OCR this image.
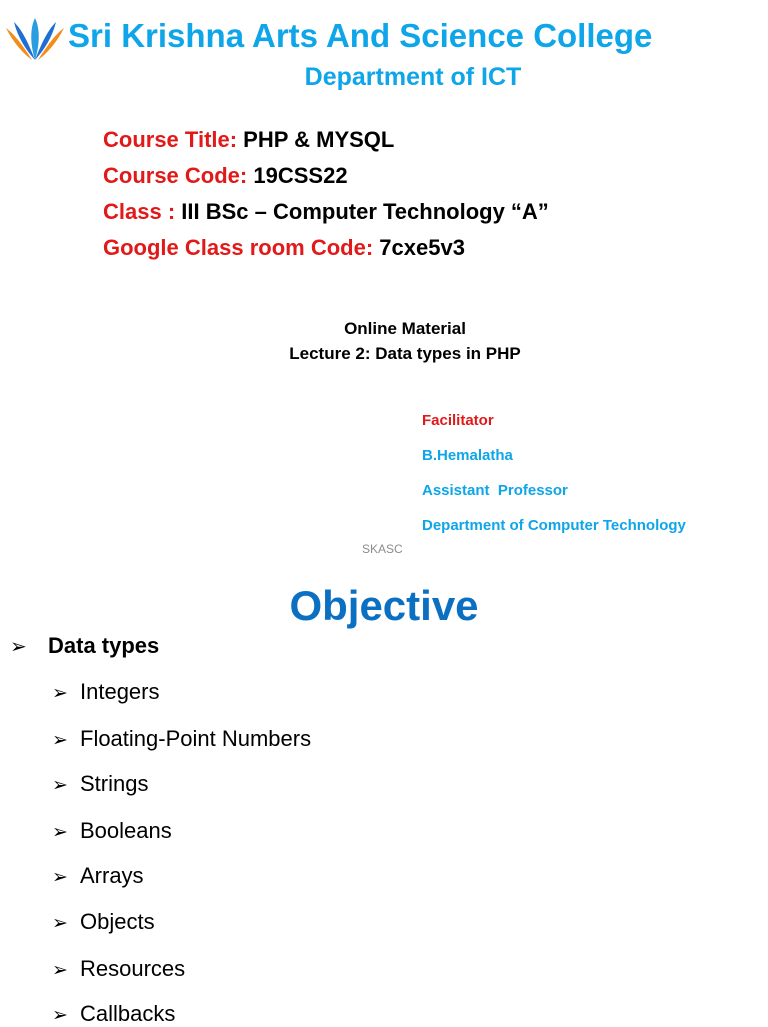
Sri Krishna Arts And Science College
Department of ICT
Course Title: PHP & MYSQL
Course Code: 19CSS22
Class : III BSc – Computer Technology “A”
Google Class room Code: 7cxe5v3
Online Material
Lecture 2: Data types in PHP
Facilitator
B.Hemalatha
Assistant  Professor
Department of Computer Technology
SKASC
Objective
➢ Data types
➢ Integers
➢ Floating-Point Numbers
➢ Strings
➢ Booleans
➢ Arrays
➢ Objects
➢ Resources
➢ Callbacks
